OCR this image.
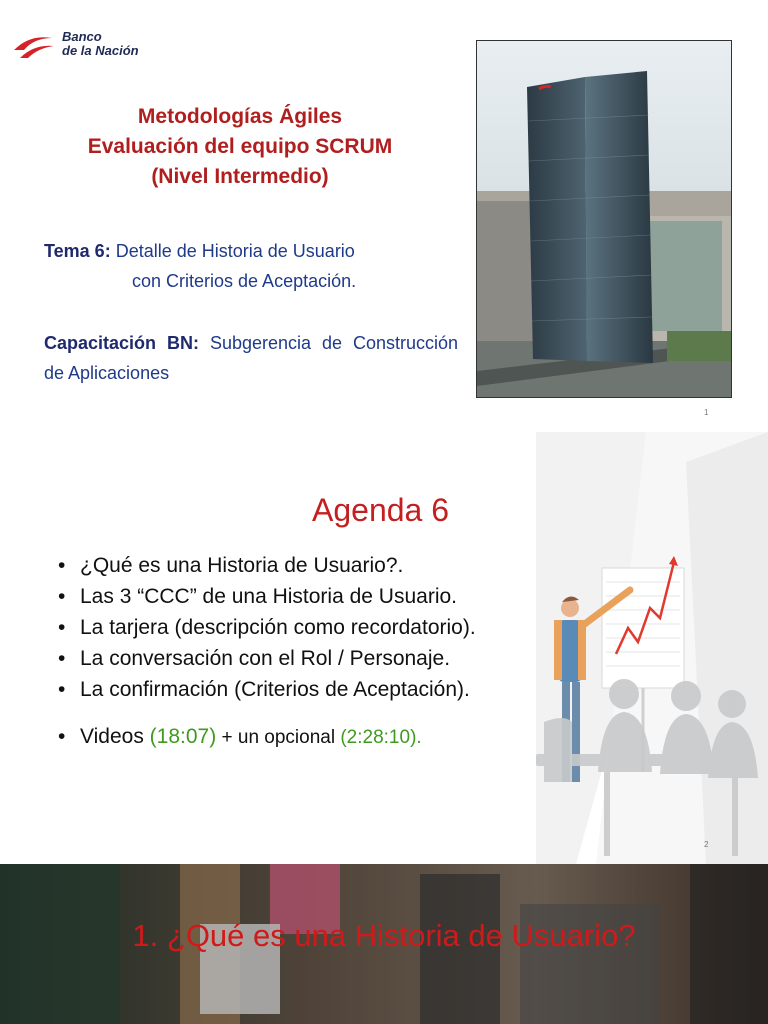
Banco
de la Nación
Metodologías Ágiles
Evaluación del equipo SCRUM
(Nivel Intermedio)
Tema 6: Detalle de Historia de Usuario
con Criterios de Aceptación.
Capacitación BN: Subgerencia de Construcción de Aplicaciones
1
Agenda 6
• ¿Qué es una Historia de Usuario?.
• Las 3 “CCC” de una Historia de Usuario.
• La tarjera (descripción como recordatorio).
• La conversación con el Rol / Personaje.
• La confirmación (Criterios de Aceptación).
• Videos (18:07) + un opcional (2:28:10).
2
1. ¿Qué es una Historia de Usuario?
